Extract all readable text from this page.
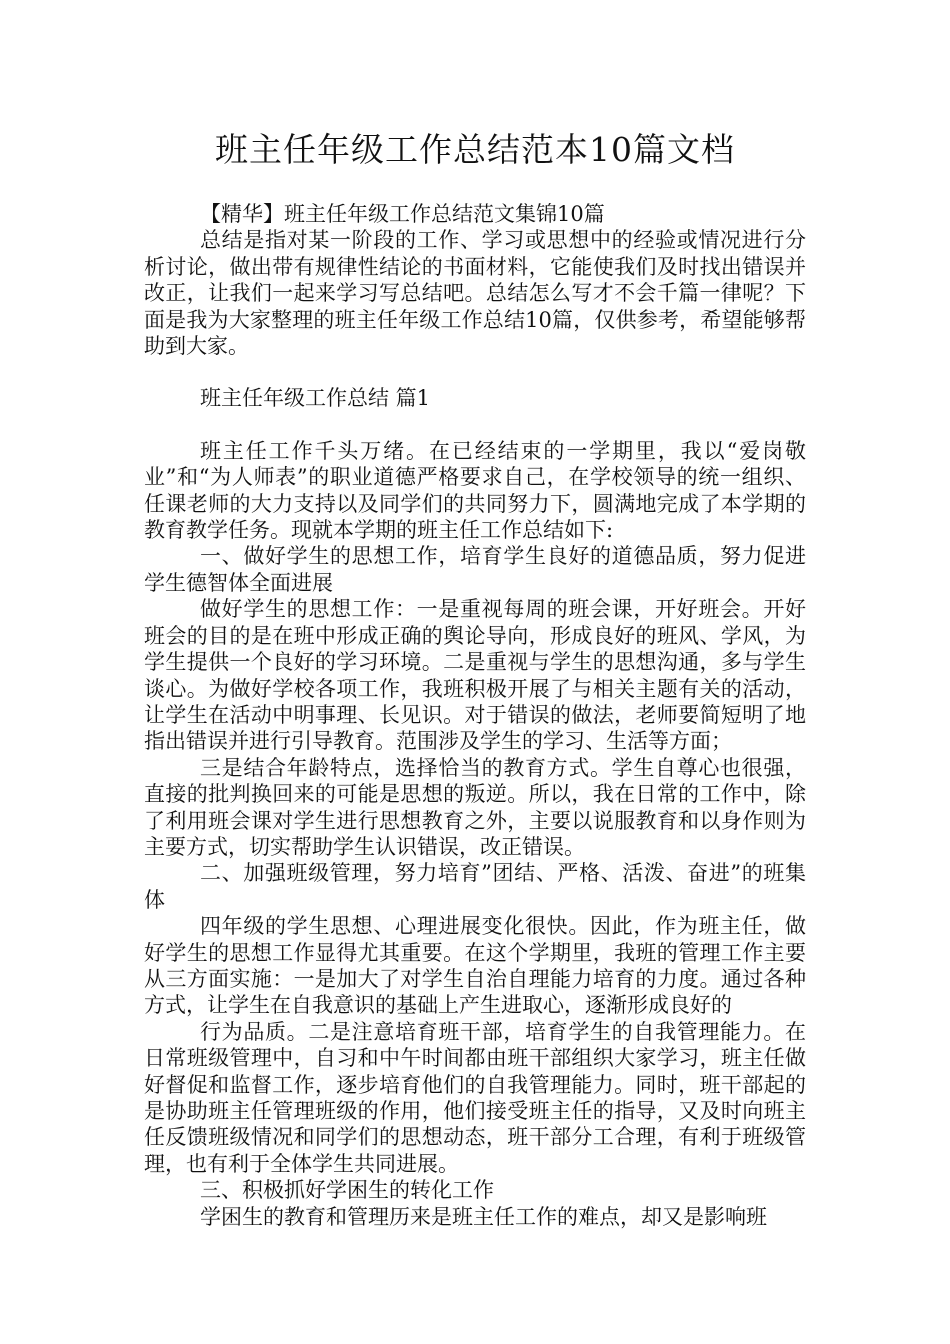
班主任年级工作总结范本10篇文档

【精华】班主任年级工作总结范文集锦10篇

总结是指对某一阶段的工作、学习或思想中的经验或情况进行分析讨论，做出带有规律性结论的书面材料，它能使我们及时找出错误并改正，让我们一起来学习写总结吧。总结怎么写才不会千篇一律呢？下面是我为大家整理的班主任年级工作总结10篇，仅供参考，希望能够帮助到大家。

班主任年级工作总结 篇1

班主任工作千头万绪。在已经结束的一学期里，我以“爱岗敬业”和“为人师表”的职业道德严格要求自己，在学校领导的统一组织、任课老师的大力支持以及同学们的共同努力下，圆满地完成了本学期的教育教学任务。现就本学期的班主任工作总结如下:

一、做好学生的思想工作，培育学生良好的道德品质，努力促进学生德智体全面进展

做好学生的思想工作：一是重视每周的班会课，开好班会。开好班会的目的是在班中形成正确的舆论导向，形成良好的班风、学风，为学生提供一个良好的学习环境。二是重视与学生的思想沟通，多与学生谈心。为做好学校各项工作，我班积极开展了与相关主题有关的活动，让学生在活动中明事理、长见识。对于错误的做法，老师要简短明了地指出错误并进行引导教育。范围涉及学生的学习、生活等方面；

三是结合年龄特点，选择恰当的教育方式。学生自尊心也很强，直接的批判换回来的可能是思想的叛逆。所以，我在日常的工作中，除了利用班会课对学生进行思想教育之外，主要以说服教育和以身作则为主要方式，切实帮助学生认识错误，改正错误。

二、加强班级管理，努力培育”团结、严格、活泼、奋进”的班集体

四年级的学生思想、心理进展变化很快。因此，作为班主任，做好学生的思想工作显得尤其重要。在这个学期里，我班的管理工作主要从三方面实施：一是加大了对学生自治自理能力培育的力度。通过各种方式，让学生在自我意识的基础上产生进取心，逐渐形成良好的

行为品质。二是注意培育班干部，培育学生的自我管理能力。在日常班级管理中，自习和中午时间都由班干部组织大家学习，班主任做好督促和监督工作，逐步培育他们的自我管理能力。同时，班干部起的是协助班主任管理班级的作用，他们接受班主任的指导，又及时向班主任反馈班级情况和同学们的思想动态，班干部分工合理，有利于班级管理，也有利于全体学生共同进展。

三、积极抓好学困生的转化工作

学困生的教育和管理历来是班主任工作的难点，却又是影响班
